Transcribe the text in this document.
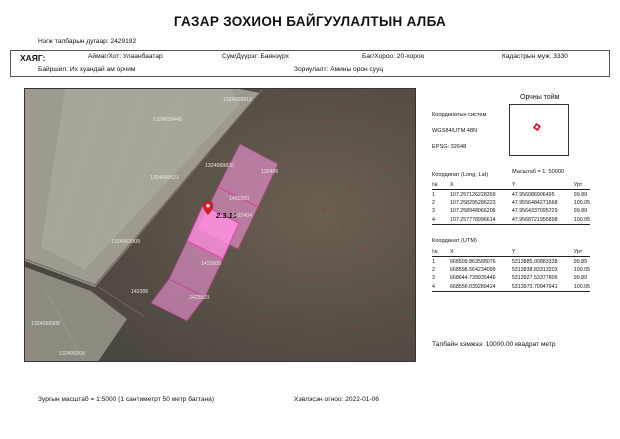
ГАЗАР ЗОХИОН БАЙГУУЛАЛТЫН АЛБА
Нэгж талбарын дугаар: 2429192
ХАЯГ:	Аймаг/Хот: Улаанбаатар	Сум/Дүүрэг: Баянзүрх	Баг/Хороо: 20-хороо	Кадастрын муж: 3330
Байршил: Их хуандай ам орчим	Зориулалт: Амины орон сууц
2.3.10
1324068819
1324059449
1324068820
1324068521
132406
1420303
1422404
1422605
2423503
142306
1324062009
1324068908
132406808
Орчны тойм
Координатын систем
WGS84/UTM 48N
EPSG: 32648
Координат (Long, Lat)	Масштаб = 1: 50000
№	X	Y	Урт
1	107.257126228359	47.956086906495	99.89
2	107.258295286223	47.9556484271668	100.05
3	107.258948066206	47.9564337095729	99.89
4	107.257778996614	47.9568721956898	100.05
Координат (UTM)
№	X	Y	Урт
1	668509.863588076	5313885.00883338	99.89
2	668598.564234099	5313838.83313203	100.05
3	668644.739935446	5313927.53377806	99.89
4	668556.039289424	5313973.70947941	100.05
Талбайн хэмжээ: 10000.00 квадрат метр
Зургын масштаб = 1:5000 (1 сантиметрт 50 метр багтана)	Хэвлэсэн огноо: 2022-01-06
